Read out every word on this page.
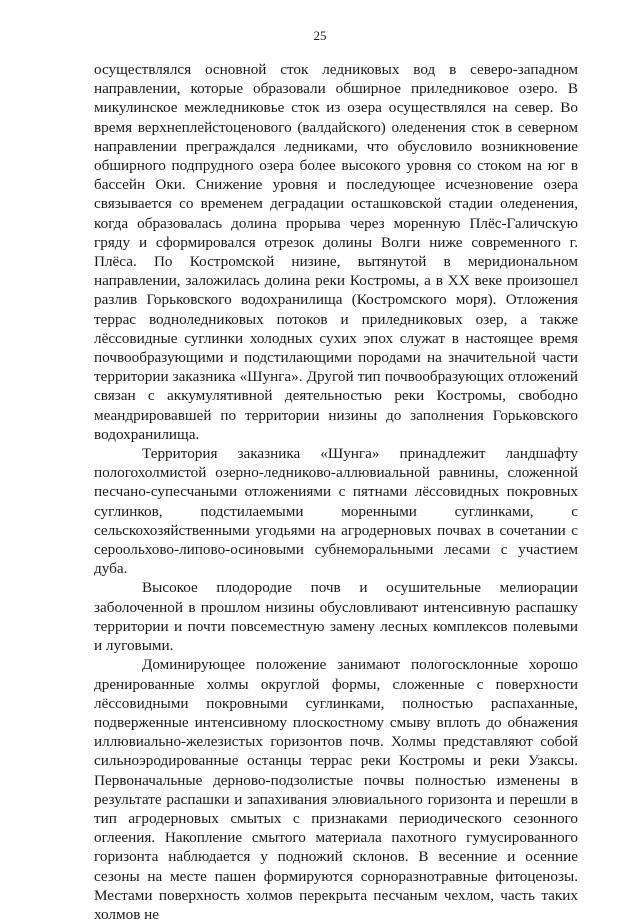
25

осуществлялся основной сток ледниковых вод в северо-западном направлении, которые образовали обширное приледниковое озеро. В микулинское межледниковье сток из озера осуществлялся на север. Во время верхнеплейстоценового (валдайского) оледенения сток в северном направлении преграждался ледниками, что обусловило возникновение обширного подпрудного озера более высокого уровня со стоком на юг в бассейн Оки. Снижение уровня и последующее исчезновение озера связывается со временем деградации осташковской стадии оледенения, когда образовалась долина прорыва через моренную Плёс-Галичскую гряду и сформировался отрезок долины Волги ниже современного г. Плёса. По Костромской низине, вытянутой в меридиональном направлении, заложилась долина реки Костромы, а в XX веке произошел разлив Горьковского водохранилища (Костромского моря). Отложения террас водноледниковых потоков и приледниковых озер, а также лёссовидные суглинки холодных сухих эпох служат в настоящее время почвообразующими и подстилающими породами на значительной части территории заказника «Шунга». Другой тип почвообразующих отложений связан с аккумулятивной деятельностью реки Костромы, свободно меандрировавшей по территории низины до заполнения Горьковского водохранилища.

Территория заказника «Шунга» принадлежит ландшафту пологохолмистой озерно-ледниково-аллювиальной равнины, сложенной песчано-супесчаными отложениями с пятнами лёссовидных покровных суглинков, подстилаемыми моренными суглинками, с сельскохозяйственными угодьями на агродерновых почвах в сочетании с сероольхово-липово-осиновыми субнеморальными лесами с участием дуба.

Высокое плодородие почв и осушительные мелиорации заболоченной в прошлом низины обусловливают интенсивную распашку территории и почти повсеместную замену лесных комплексов полевыми и луговыми.

Доминирующее положение занимают пологосклонные хорошо дренированные холмы округлой формы, сложенные с поверхности лёссовидными покровными суглинками, полностью распаханные, подверженные интенсивному плоскостному смыву вплоть до обнажения иллювиально-железистых горизонтов почв. Холмы представляют собой сильноэродированные останцы террас реки Костромы и реки Узаксы. Первоначальные дерново-подзолистые почвы полностью изменены в результате распашки и запахивания элювиального горизонта и перешли в тип агродерновых смытых с признаками периодического сезонного оглеения. Накопление смытого материала пахотного гумусированного горизонта наблюдается у подножий склонов. В весенние и осенние сезоны на месте пашен формируются сорноразнотравные фитоценозы. Местами поверхность холмов перекрыта песчаным чехлом, часть таких холмов не
